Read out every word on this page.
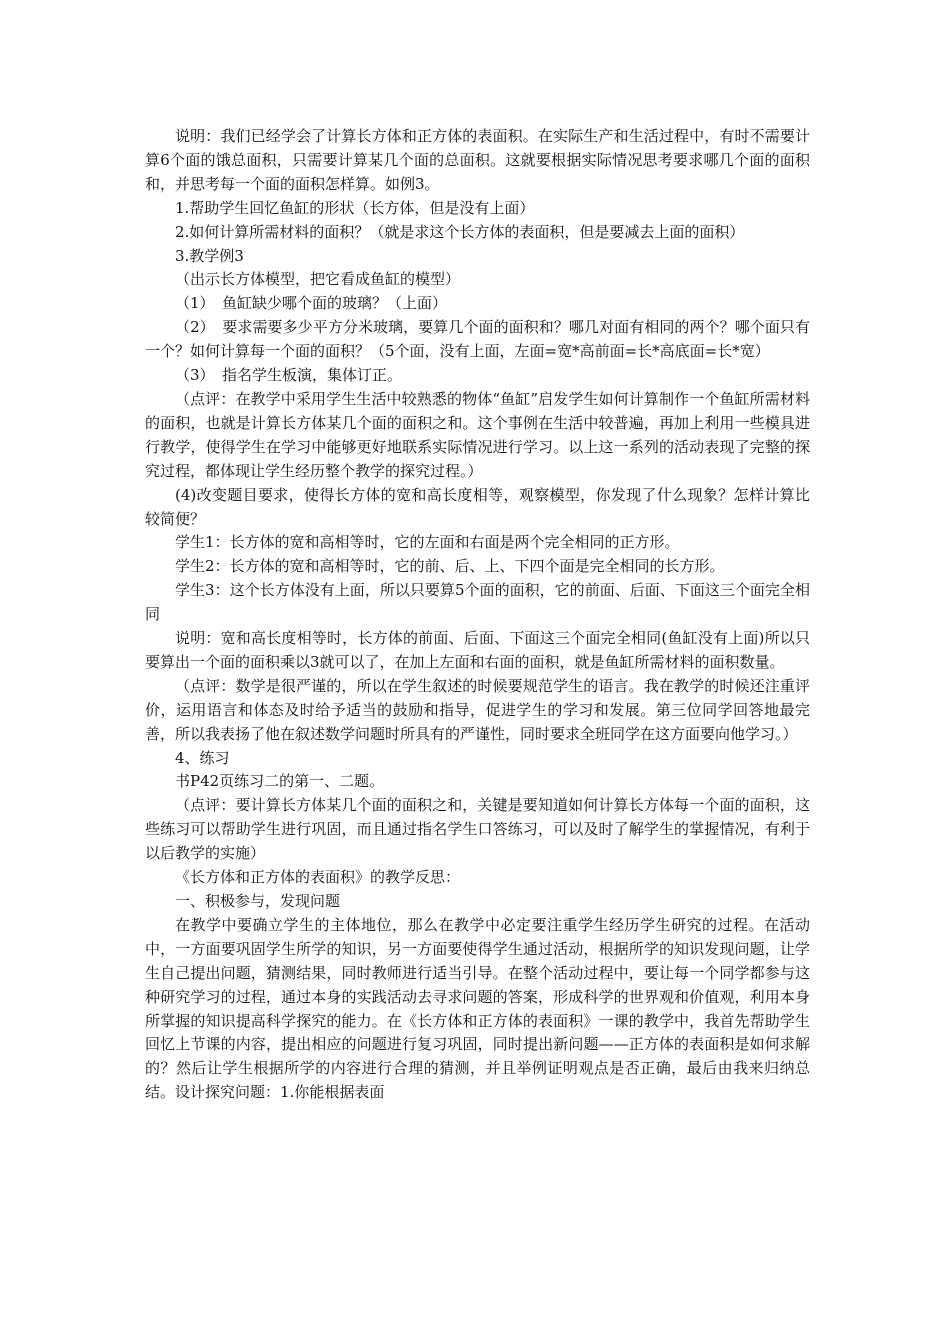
说明：我们已经学会了计算长方体和正方体的表面积。在实际生产和生活过程中，有时不需要计算6个面的饿总面积，只需要计算某几个面的总面积。这就要根据实际情况思考要求哪几个面的面积和，并思考每一个面的面积怎样算。如例3。

1.帮助学生回忆鱼缸的形状（长方体，但是没有上面）

2.如何计算所需材料的面积？（就是求这个长方体的表面积，但是要减去上面的面积）

3.教学例3

（出示长方体模型，把它看成鱼缸的模型）

（1）　鱼缸缺少哪个面的玻璃？（上面）

（2）　要求需要多少平方分米玻璃，要算几个面的面积和？哪几对面有相同的两个？哪个面只有一个？如何计算每一个面的面积？（5个面，没有上面，左面=宽*高前面=长*高底面=长*宽）

（3）　指名学生板演，集体订正。

（点评：在教学中采用学生生活中较熟悉的物体“鱼缸”启发学生如何计算制作一个鱼缸所需材料的面积，也就是计算长方体某几个面的面积之和。这个事例在生活中较普遍，再加上利用一些模具进行教学，使得学生在学习中能够更好地联系实际情况进行学习。以上这一系列的活动表现了完整的探究过程，都体现让学生经历整个教学的探究过程。）

(4)改变题目要求，使得长方体的宽和高长度相等，观察模型，你发现了什么现象？怎样计算比较简便？

学生1：长方体的宽和高相等时，它的左面和右面是两个完全相同的正方形。

学生2：长方体的宽和高相等时，它的前、后、上、下四个面是完全相同的长方形。

学生3：这个长方体没有上面，所以只要算5个面的面积，它的前面、后面、下面这三个面完全相同

说明：宽和高长度相等时，长方体的前面、后面、下面这三个面完全相同(鱼缸没有上面)所以只要算出一个面的面积乘以3就可以了，在加上左面和右面的面积，就是鱼缸所需材料的面积数量。

（点评：数学是很严谨的，所以在学生叙述的时候要规范学生的语言。我在教学的时候还注重评价，运用语言和体态及时给予适当的鼓励和指导，促进学生的学习和发展。第三位同学回答地最完善，所以我表扬了他在叙述数学问题时所具有的严谨性，同时要求全班同学在这方面要向他学习。）

4、练习

书P42页练习二的第一、二题。

（点评：要计算长方体某几个面的面积之和，关键是要知道如何计算长方体每一个面的面积，这些练习可以帮助学生进行巩固，而且通过指名学生口答练习，可以及时了解学生的掌握情况，有利于以后教学的实施）

《长方体和正方体的表面积》的教学反思：

一、积极参与，发现问题

在教学中要确立学生的主体地位，那么在教学中必定要注重学生经历学生研究的过程。在活动中，一方面要巩固学生所学的知识，另一方面要使得学生通过活动，根据所学的知识发现问题，让学生自己提出问题，猜测结果，同时教师进行适当引导。在整个活动过程中，要让每一个同学都参与这种研究学习的过程，通过本身的实践活动去寻求问题的答案，形成科学的世界观和价值观，利用本身所掌握的知识提高科学探究的能力。在《长方体和正方体的表面积》一课的教学中，我首先帮助学生回忆上节课的内容，提出相应的问题进行复习巩固，同时提出新问题——正方体的表面积是如何求解的？然后让学生根据所学的内容进行合理的猜测，并且举例证明观点是否正确，最后由我来归纳总结。设计探究问题：1.你能根据表面
